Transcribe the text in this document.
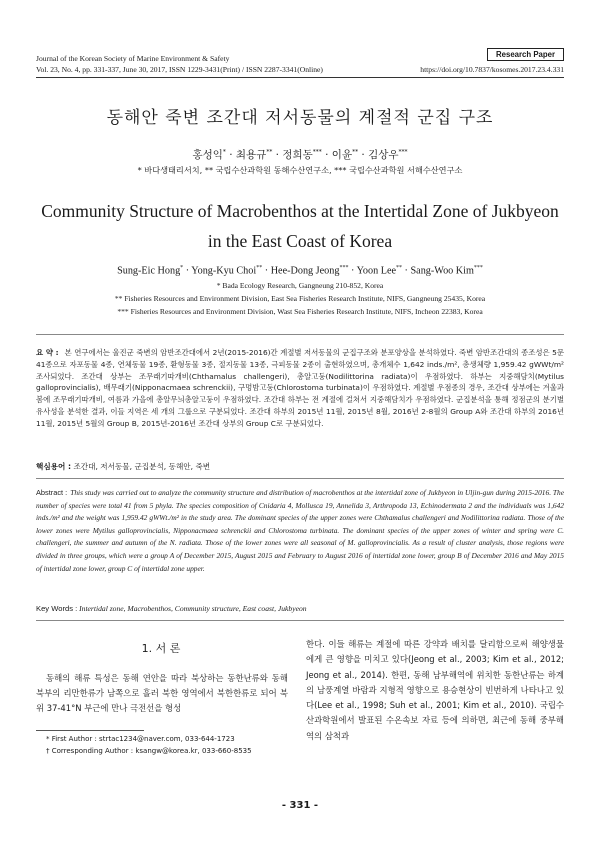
Research Paper
Journal of the Korean Society of Marine Environment & Safety
Vol. 23, No. 4, pp. 331-337, June 30, 2017, ISSN 1229-3431(Print) / ISSN 2287-3341(Online)	https://doi.org/10.7837/kosomes.2017.23.4.331
동해안 죽변 조간대 저서동물의 계절적 군집 구조
홍성익* · 최용규** · 정희동*** · 이윤** · 김상우***
* 바다생태리서치, ** 국립수산과학원 동해수산연구소, *** 국립수산과학원 서해수산연구소
Community Structure of Macrobenthos at the Intertidal Zone of Jukbyeon
in the East Coast of Korea
Sung-Eic Hong* · Yong-Kyu Choi** · Hee-Dong Jeong*** · Yoon Lee** · Sang-Woo Kim***
* Bada Ecology Research, Gangneung 210-852, Korea
** Fisheries Resources and Environment Division, East Sea Fisheries Research Institute, NIFS, Gangneung 25435, Korea
*** Fisheries Resources and Environment Division, Wast Sea Fisheries Research Institute, NIFS, Incheon 22383, Korea
요 약 : 본 연구에서는 울진군 죽변의 암반조간대에서 2년(2015-2016)간 계절별 저서동물의 군집구조와 분포양상을 분석하였다. 죽변 암반조간대의 종조성은 5문 41종으로 자포동물 4종, 연체동물 19종, 환형동물 3종, 절지동물 13종, 극피동물 2종이 출현하였으며, 총개체수 1,642 inds./m², 총생체량 1,959.42 gWWt/m² 조사되었다. 조간대 상부는 조무래기따개비(Chthamalus challengeri), 총알고둥(Nodilittorina radiata)이 우점하였다. 하부는 지중해담치(Mytilus galloprovincialis), 배무래기(Nipponacmaea schrenckii), 구멍밤고둥(Chlorostoma turbinata)이 우점하였다. 계절별 우점종의 경우, 조간대 상부에는 겨울과 봄에 조무래기따개비, 여름과 가을에 총알무늬총알고둥이 우점하였다. 조간대 하부는 전 계절에 걸쳐서 지중해담치가 우점하였다. 군집분석을 통해 정점군의 분기별 유사성을 분석한 결과, 이들 지역은 세 개의 그룹으로 구분되었다. 조간대 하부의 2015년 11월, 2015년 8월, 2016년 2-8월의 Group A와 조간대 하부의 2016년 11월, 2015년 5월의 Group B, 2015년-2016년 조간대 상부의 Group C로 구분되었다.
핵심용어 : 조간대, 저서동물, 군집분석, 동해안, 죽변
Abstract : This study was carried out to analyze the community structure and distribution of macrobenthos at the intertidal zone of Jukbyeon in Uljin-gun during 2015-2016. The number of species were total 41 from 5 phyla. The species composition of Cnidaria 4, Mollusca 19, Annelida 3, Arthropoda 13, Echinodermata 2 and the individuals was 1,642 inds./m² and the weight was 1,959.42 gWWt./m² in the study area. The dominant species of the upper zones were Chthamalus challengeri and Nodilittorina radiata. Those of the lower zones were Mytilus galloprovincialis, Nipponacmaea schrenckii and Chlorostoma turbinata. The dominant species of the upper zones of winter and spring were C. challengeri, the summer and autumn of the N. radiata. Those of the lower zones were all seasonal of M. galloprovincialis. As a result of cluster analysis, those regions were divided in three groups, which were a group A of December 2015, August 2015 and February to August 2016 of intertidal zone lower, group B of December 2016 and May 2015 of intertidal zone lower, group C of intertidal zone upper.
Key Words : Intertidal zone, Macrobenthos, Community structure, East coast, Jukbyeon
1. 서 론
동해의 해류 특성은 동해 연안을 따라 북상하는 동한난류와 동해 북부의 리만한류가 남쪽으로 흘러 북한 영역에서 북한한류로 되어 북위 37-41°N 부근에 만나 극전선을 형성
한다. 이들 해류는 계절에 따른 강약과 배치를 달리함으로써 해양생물에게 큰 영향을 미치고 있다(Jeong et al., 2003; Kim et al., 2012; Jeong et al., 2014). 한편, 동해 남부해역에 위치한 동한난류는 하계의 남풍계열 바람과 지형적 영향으로 용승현상이 빈번하게 나타나고 있다(Lee et al., 1998; Suh et al., 2001; Kim et al., 2010). 국립수산과학원에서 발표된 수온속보 자료 등에 의하면, 최근에 동해 중부해역의 삼척과
* First Author : strtac1234@naver.com, 033-644-1723
† Corresponding Author : ksangw@korea.kr, 033-660-8535
- 331 -
